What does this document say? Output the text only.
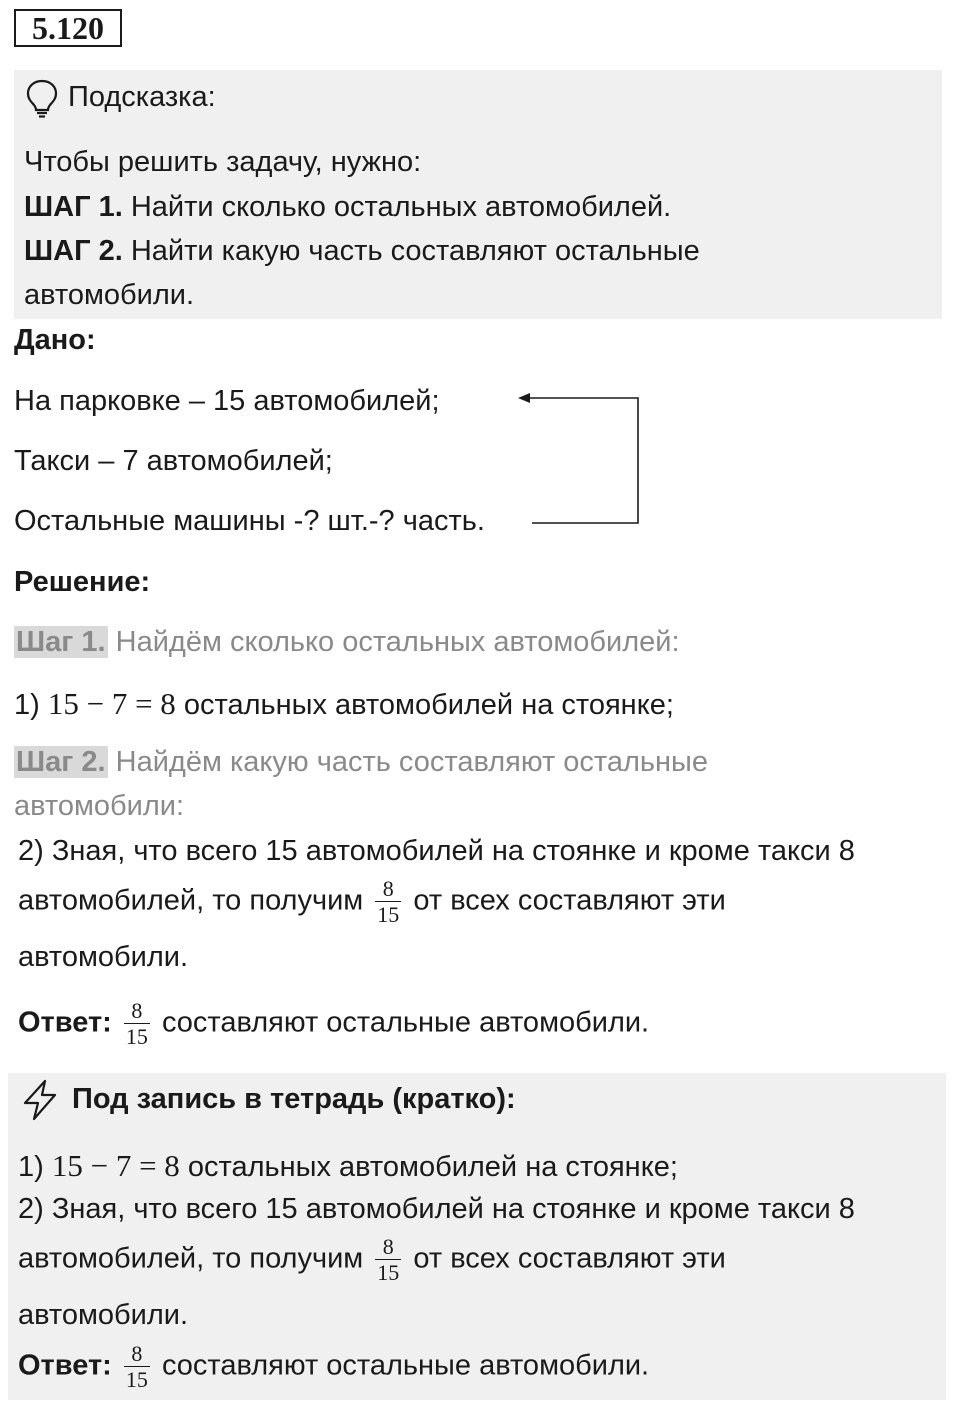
5.120
Подсказка:
Чтобы решить задачу, нужно:
ШАГ 1. Найти сколько остальных автомобилей.
ШАГ 2. Найти какую часть составляют остальные
автомобили.
Дано:
На парковке – 15 автомобилей;
Такси – 7 автомобилей;
Остальные машины -? шт.-? часть.
Решение:
Шаг 1. Найдём сколько остальных автомобилей:
1) 15 − 7 = 8 остальных автомобилей на стоянке;
Шаг 2. Найдём какую часть составляют остальные
автомобили:
2) Зная, что всего 15 автомобилей на стоянке и кроме такси 8
автомобилей, то получим $\frac{8}{15}$ от всех составляют эти
автомобили.
Ответ: $\frac{8}{15}$ составляют остальные автомобили.
Под запись в тетрадь (кратко):
1) 15 − 7 = 8 остальных автомобилей на стоянке;
2) Зная, что всего 15 автомобилей на стоянке и кроме такси 8
автомобилей, то получим $\frac{8}{15}$ от всех составляют эти
автомобили.
Ответ: $\frac{8}{15}$ составляют остальные автомобили.
